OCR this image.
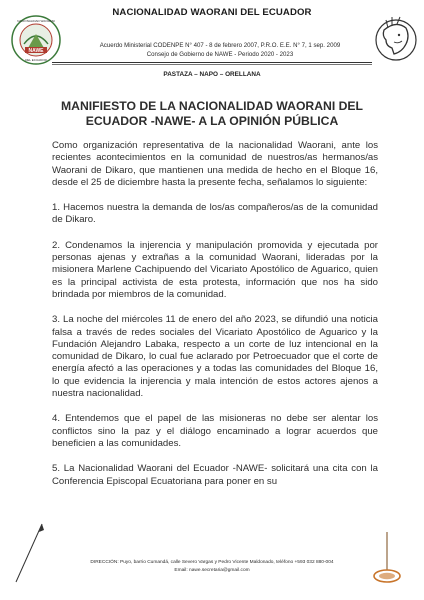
NAWE
NACIONALIDAD WAORANI
DEL ECUADOR
NACIONALIDAD WAORANI DEL ECUADOR
Acuerdo Ministerial CODENPE N° 407 - 8 de febrero 2007, P.R.O. E.E. N° 7, 1 sep. 2009
Consejo de Gobierno de NAWE - Periodo 2020 - 2023
PASTAZA – NAPO – ORELLANA
MANIFIESTO DE LA NACIONALIDAD WAORANI DEL ECUADOR -NAWE- A LA OPINIÓN PÚBLICA

Como organización representativa de la nacionalidad Waorani, ante los recientes acontecimientos en la comunidad de nuestros/as hermanos/as Waorani de Dikaro, que mantienen una medida de hecho en el Bloque 16, desde el 25 de diciembre hasta la presente fecha, señalamos lo siguiente:

1. Hacemos nuestra la demanda de los/as compañeros/as de la comunidad de Dikaro.

2. Condenamos la injerencia y manipulación promovida y ejecutada por personas ajenas y extrañas a la comunidad Waorani, lideradas por la misionera Marlene Cachipuendo del Vicariato Apostólico de Aguarico, quien es la principal activista de esta protesta, información que nos ha sido brindada por miembros de la comunidad.

3. La noche del miércoles 11 de enero del año 2023, se difundió una noticia falsa a través de redes sociales del Vicariato Apostólico de Aguarico y la Fundación Alejandro Labaka, respecto a un corte de luz intencional en la comunidad de Dikaro, lo cual fue aclarado por Petroecuador que el corte de energía afectó a las operaciones y a todas las comunidades del Bloque 16, lo que evidencia la injerencia y mala intención de estos actores ajenos a nuestra nacionalidad.

4. Entendemos que el papel de las misioneras no debe ser alentar los conflictos sino la paz y el diálogo encaminado a lograr acuerdos que beneficien a las comunidades.

5. La Nacionalidad Waorani del Ecuador -NAWE- solicitará una cita con la Conferencia Episcopal Ecuatoriana para poner en su

DIRECCIÓN: Puyo, barrio Cumandá, calle Severo Vargas y Pedro Vicente Maldonado, teléfono +593 032 880-004
Email: nawe.secretaria@gmail.com
